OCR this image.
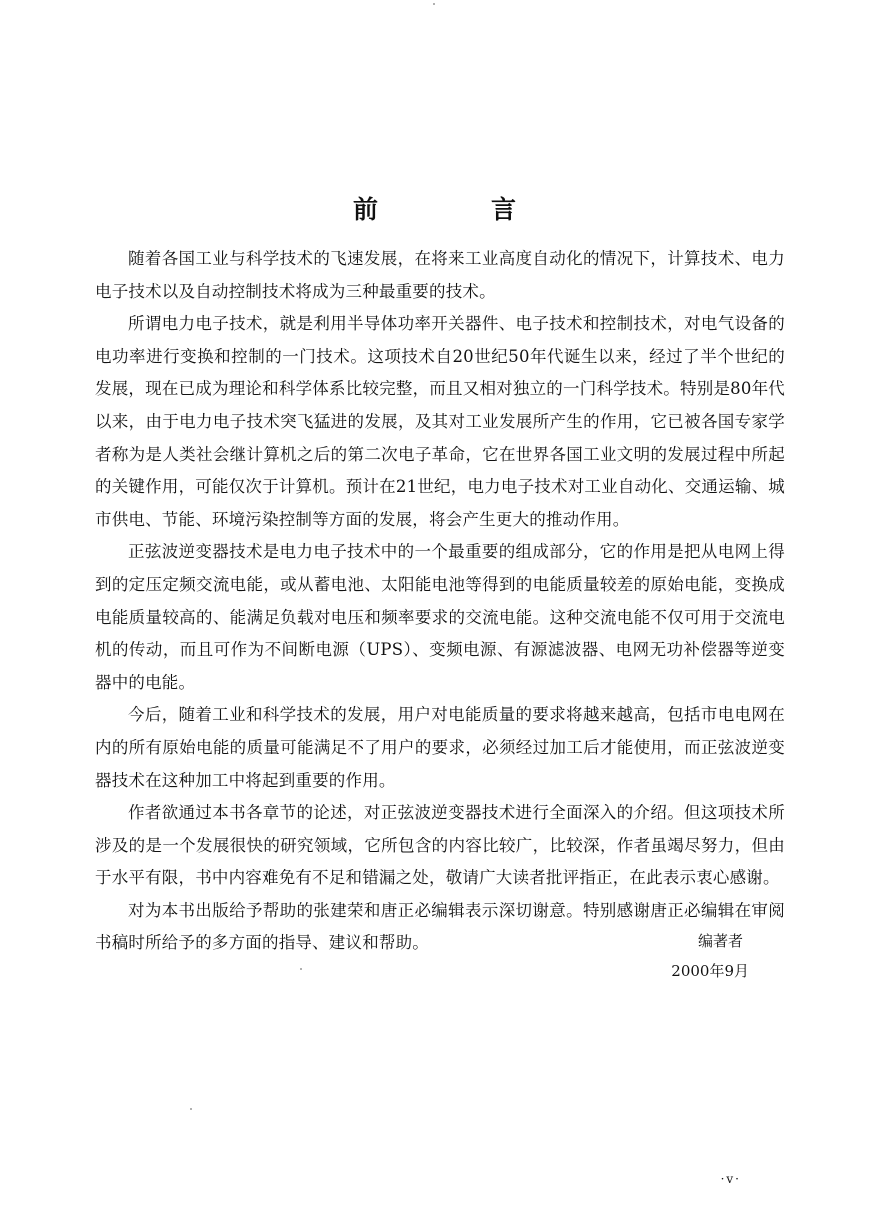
前　言

随着各国工业与科学技术的飞速发展，在将来工业高度自动化的情况下，计算技术、电力电子技术以及自动控制技术将成为三种最重要的技术。

所谓电力电子技术，就是利用半导体功率开关器件、电子技术和控制技术，对电气设备的电功率进行变换和控制的一门技术。这项技术自20世纪50年代诞生以来，经过了半个世纪的发展，现在已成为理论和科学体系比较完整，而且又相对独立的一门科学技术。特别是80年代以来，由于电力电子技术突飞猛进的发展，及其对工业发展所产生的作用，它已被各国专家学者称为是人类社会继计算机之后的第二次电子革命，它在世界各国工业文明的发展过程中所起的关键作用，可能仅次于计算机。预计在21世纪，电力电子技术对工业自动化、交通运输、城市供电、节能、环境污染控制等方面的发展，将会产生更大的推动作用。

正弦波逆变器技术是电力电子技术中的一个最重要的组成部分，它的作用是把从电网上得到的定压定频交流电能，或从蓄电池、太阳能电池等得到的电能质量较差的原始电能，变换成电能质量较高的、能满足负载对电压和频率要求的交流电能。这种交流电能不仅可用于交流电机的传动，而且可作为不间断电源（UPS）、变频电源、有源滤波器、电网无功补偿器等逆变器中的电能。

今后，随着工业和科学技术的发展，用户对电能质量的要求将越来越高，包括市电电网在内的所有原始电能的质量可能满足不了用户的要求，必须经过加工后才能使用，而正弦波逆变器技术在这种加工中将起到重要的作用。

作者欲通过本书各章节的论述，对正弦波逆变器技术进行全面深入的介绍。但这项技术所涉及的是一个发展很快的研究领域，它所包含的内容比较广，比较深，作者虽竭尽努力，但由于水平有限，书中内容难免有不足和错漏之处，敬请广大读者批评指正，在此表示衷心感谢。

对为本书出版给予帮助的张建荣和唐正必编辑表示深切谢意。特别感谢唐正必编辑在审阅书稿时所给予的多方面的指导、建议和帮助。	编著者
2000年9月
·v·
